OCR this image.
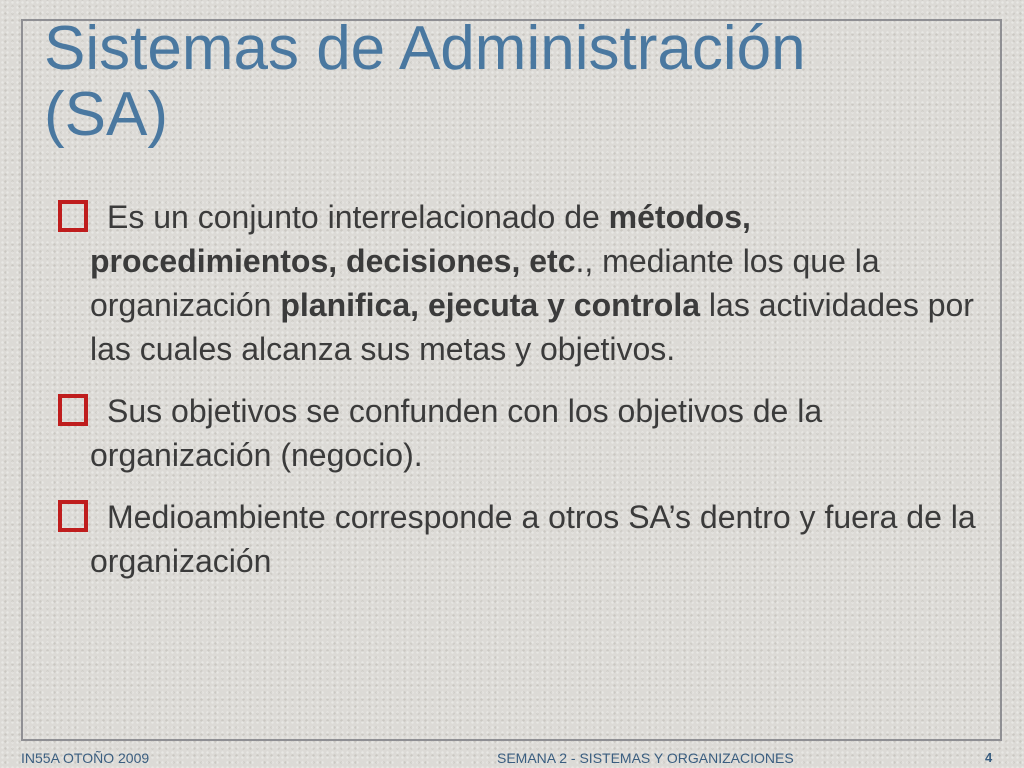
Sistemas de Administración (SA)
Es un conjunto interrelacionado de métodos, procedimientos, decisiones, etc., mediante los que la organización planifica, ejecuta y controla las actividades por las cuales alcanza sus metas y objetivos.
Sus objetivos se confunden con los objetivos de la organización (negocio).
Medioambiente corresponde a otros SA’s dentro y fuera de la organización
IN55A OTOÑO 2009	SEMANA 2 - SISTEMAS Y ORGANIZACIONES	4
